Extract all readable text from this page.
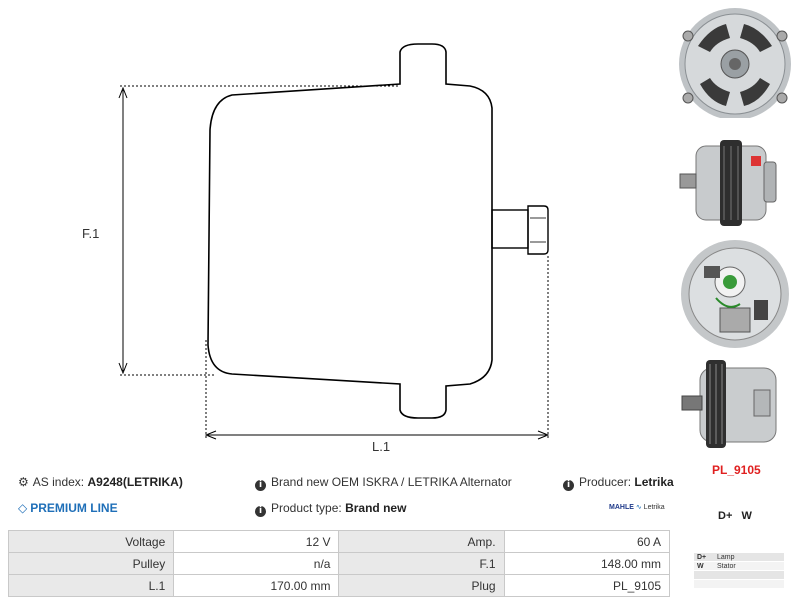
F.1
L.1
⚙ AS index: A9248(LETRIKA)	i Brand new OEM ISKRA / LETRIKA Alternator	i Producer: Letrika
◇ PREMIUM LINE	i Product type: Brand new	MAHLE ∿ Letrika
PL_9105
D+   W
D+	Lamp
W	Stator

Voltage	12 V	Amp.	60 A
Pulley	n/a	F.1	148.00 mm
L.1	170.00 mm	Plug	PL_9105
